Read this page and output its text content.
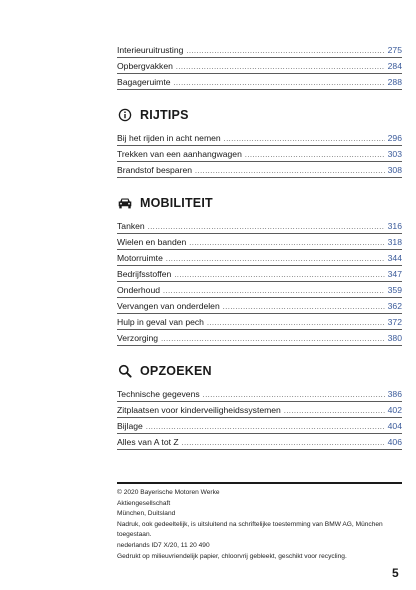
Interieuruitrusting .....	275
Opbergvakken .....	284
Bagageruimte .....	288
RIJTIPS
Bij het rijden in acht nemen .....	296
Trekken van een aanhangwagen .....	303
Brandstof besparen .....	308
MOBILITEIT
Tanken .....	316
Wielen en banden .....	318
Motorruimte .....	344
Bedrijfsstoffen .....	347
Onderhoud .....	359
Vervangen van onderdelen .....	362
Hulp in geval van pech .....	372
Verzorging .....	380
OPZOEKEN
Technische gegevens .....	386
Zitplaatsen voor kinderveiligheidssystemen .....	402
Bijlage .....	404
Alles van A tot Z .....	406
© 2020 Bayerische Motoren Werke
Aktiengesellschaft
München, Duitsland
Nadruk, ook gedeeltelijk, is uitsluitend na schriftelijke toestemming van BMW AG, München
toegestaan.
nederlands ID7 X/20, 11 20 490
Gedrukt op milieuvriendelijk papier, chloorvrij gebleekt, geschikt voor recycling.
5
